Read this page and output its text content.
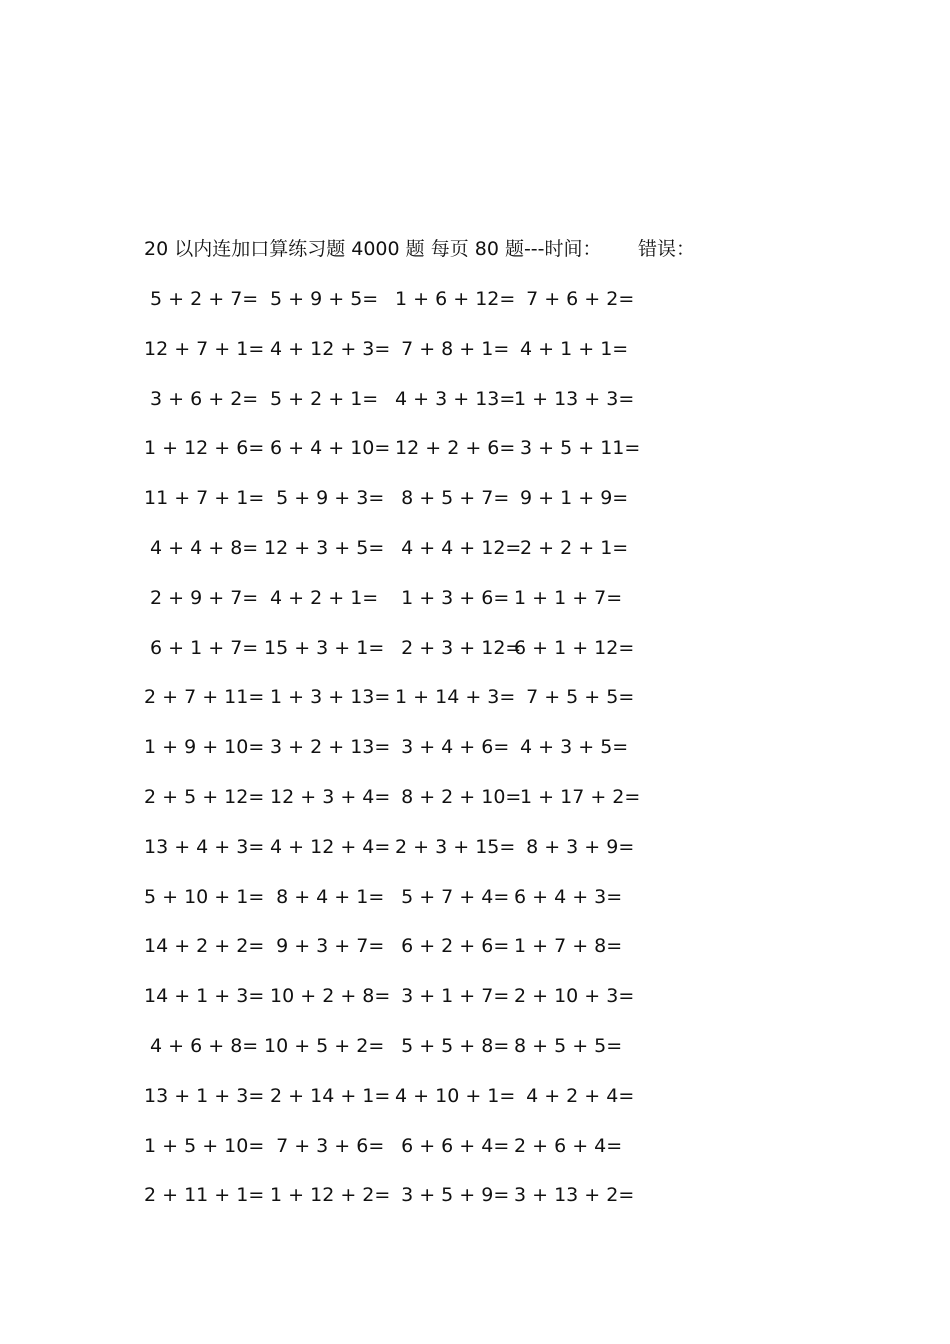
20 以内连加口算练习题 4000 题 每页 80 题---时间： 错误：
5 + 2 + 7= 5 + 9 + 5= 1 + 6 + 12=
7 + 6 + 2=
12 + 7 + 1= 4 + 12 + 3=
7 + 8 + 1= 4 + 1 + 1=
3 + 6 + 2= 5 + 2 + 1= 4 + 3 + 13=
1 + 13 + 3=
1 + 12 + 6= 6 + 4 + 10=
12 + 2 + 6=
3 + 5 + 11=
11 + 7 + 1= 5 + 9 + 3= 8 + 5 + 7= 9 + 1 + 9=
4 + 4 + 8= 12 + 3 + 5= 4 + 4 + 12=
2 + 2 + 1=
2 + 9 + 7= 4 + 2 + 1= 1 + 3 + 6= 1 + 1 + 7=
6 + 1 + 7= 15 + 3 + 1= 2 + 3 + 12=
6 + 1 + 12=
2 + 7 + 11= 1 + 3 + 13=
1 + 14 + 3=
7 + 5 + 5=
1 + 9 + 10= 3 + 2 + 13=
3 + 4 + 6= 4 + 3 + 5=
2 + 5 + 12= 12 + 3 + 4=
8 + 2 + 10=
1 + 17 + 2=
13 + 4 + 3= 4 + 12 + 4=
2 + 3 + 15=
8 + 3 + 9=
5 + 10 + 1= 8 + 4 + 1= 5 + 7 + 4= 6 + 4 + 3=
14 + 2 + 2= 9 + 3 + 7= 6 + 2 + 6= 1 + 7 + 8=
14 + 1 + 3= 10 + 2 + 8=
3 + 1 + 7= 2 + 10 + 3=
4 + 6 + 8= 10 + 5 + 2= 5 + 5 + 8= 8 + 5 + 5=
13 + 1 + 3= 2 + 14 + 1=
4 + 10 + 1=
4 + 2 + 4=
1 + 5 + 10= 7 + 3 + 6= 6 + 6 + 4= 2 + 6 + 4=
2 + 11 + 1= 1 + 12 + 2=
3 + 5 + 9= 3 + 13 + 2=
